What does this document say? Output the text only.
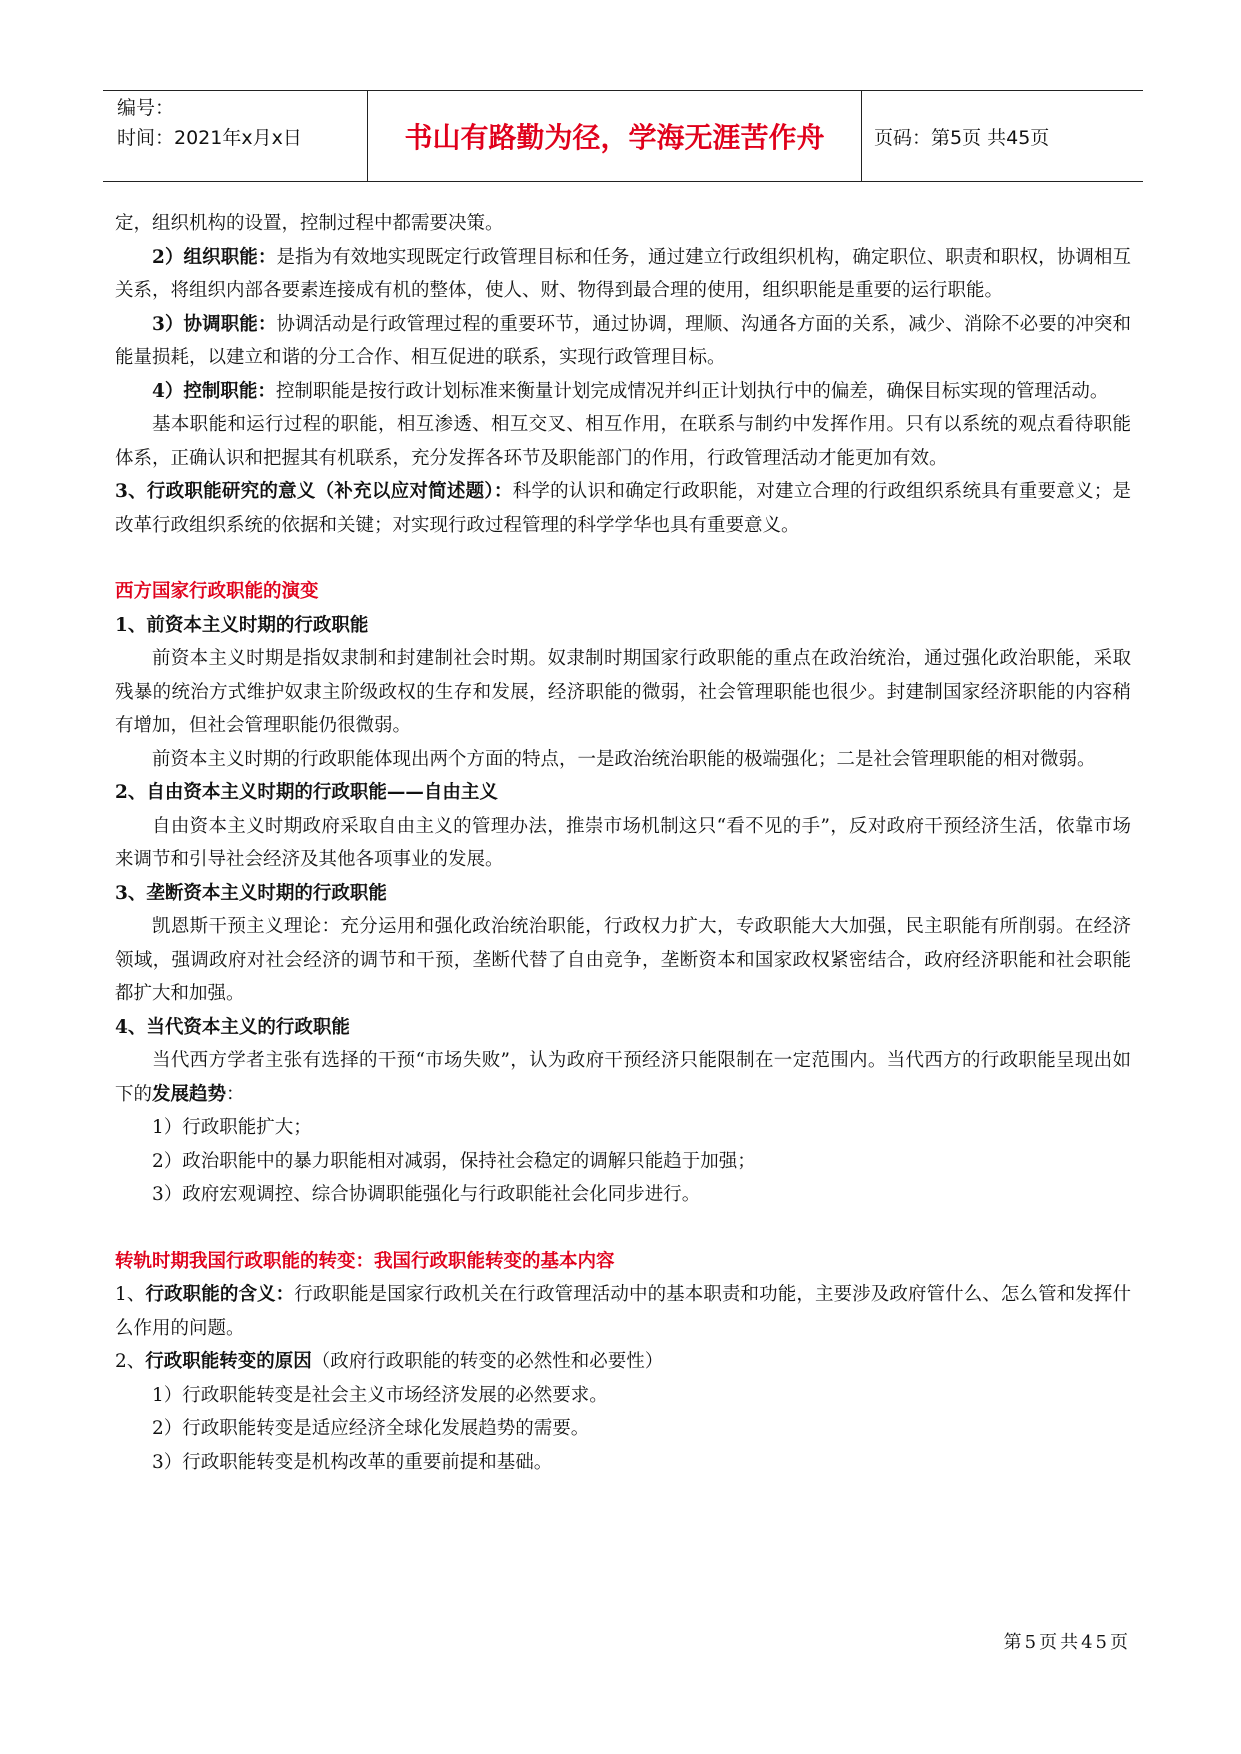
编号：
时间：2021年x月x日	书山有路勤为径，学海无涯苦作舟	页码：第5页 共45页

定，组织机构的设置，控制过程中都需要决策。

2）组织职能：是指为有效地实现既定行政管理目标和任务，通过建立行政组织机构，确定职位、职责和职权，协调相互关系，将组织内部各要素连接成有机的整体，使人、财、物得到最合理的使用，组织职能是重要的运行职能。

3）协调职能：协调活动是行政管理过程的重要环节，通过协调，理顺、沟通各方面的关系，减少、消除不必要的冲突和能量损耗，以建立和谐的分工合作、相互促进的联系，实现行政管理目标。

4）控制职能：控制职能是按行政计划标准来衡量计划完成情况并纠正计划执行中的偏差，确保目标实现的管理活动。

基本职能和运行过程的职能，相互渗透、相互交叉、相互作用，在联系与制约中发挥作用。只有以系统的观点看待职能体系，正确认识和把握其有机联系，充分发挥各环节及职能部门的作用，行政管理活动才能更加有效。

3、行政职能研究的意义（补充以应对简述题）：科学的认识和确定行政职能，对建立合理的行政组织系统具有重要意义；是改革行政组织系统的依据和关键；对实现行政过程管理的科学学华也具有重要意义。

西方国家行政职能的演变

1、前资本主义时期的行政职能

前资本主义时期是指奴隶制和封建制社会时期。奴隶制时期国家行政职能的重点在政治统治，通过强化政治职能，采取残暴的统治方式维护奴隶主阶级政权的生存和发展，经济职能的微弱，社会管理职能也很少。封建制国家经济职能的内容稍有增加，但社会管理职能仍很微弱。

前资本主义时期的行政职能体现出两个方面的特点，一是政治统治职能的极端强化；二是社会管理职能的相对微弱。

2、自由资本主义时期的行政职能——自由主义

自由资本主义时期政府采取自由主义的管理办法，推崇市场机制这只“看不见的手”，反对政府干预经济生活，依靠市场来调节和引导社会经济及其他各项事业的发展。

3、垄断资本主义时期的行政职能

凯恩斯干预主义理论：充分运用和强化政治统治职能，行政权力扩大，专政职能大大加强，民主职能有所削弱。在经济领域，强调政府对社会经济的调节和干预，垄断代替了自由竞争，垄断资本和国家政权紧密结合，政府经济职能和社会职能都扩大和加强。

4、当代资本主义的行政职能

当代西方学者主张有选择的干预“市场失败”，认为政府干预经济只能限制在一定范围内。当代西方的行政职能呈现出如下的发展趋势：

1）行政职能扩大；

2）政治职能中的暴力职能相对减弱，保持社会稳定的调解只能趋于加强；

3）政府宏观调控、综合协调职能强化与行政职能社会化同步进行。

转轨时期我国行政职能的转变：我国行政职能转变的基本内容

1、行政职能的含义：行政职能是国家行政机关在行政管理活动中的基本职责和功能，主要涉及政府管什么、怎么管和发挥什么作用的问题。

2、行政职能转变的原因（政府行政职能的转变的必然性和必要性）

1）行政职能转变是社会主义市场经济发展的必然要求。

2）行政职能转变是适应经济全球化发展趋势的需要。

3）行政职能转变是机构改革的重要前提和基础。

第5页共45页
